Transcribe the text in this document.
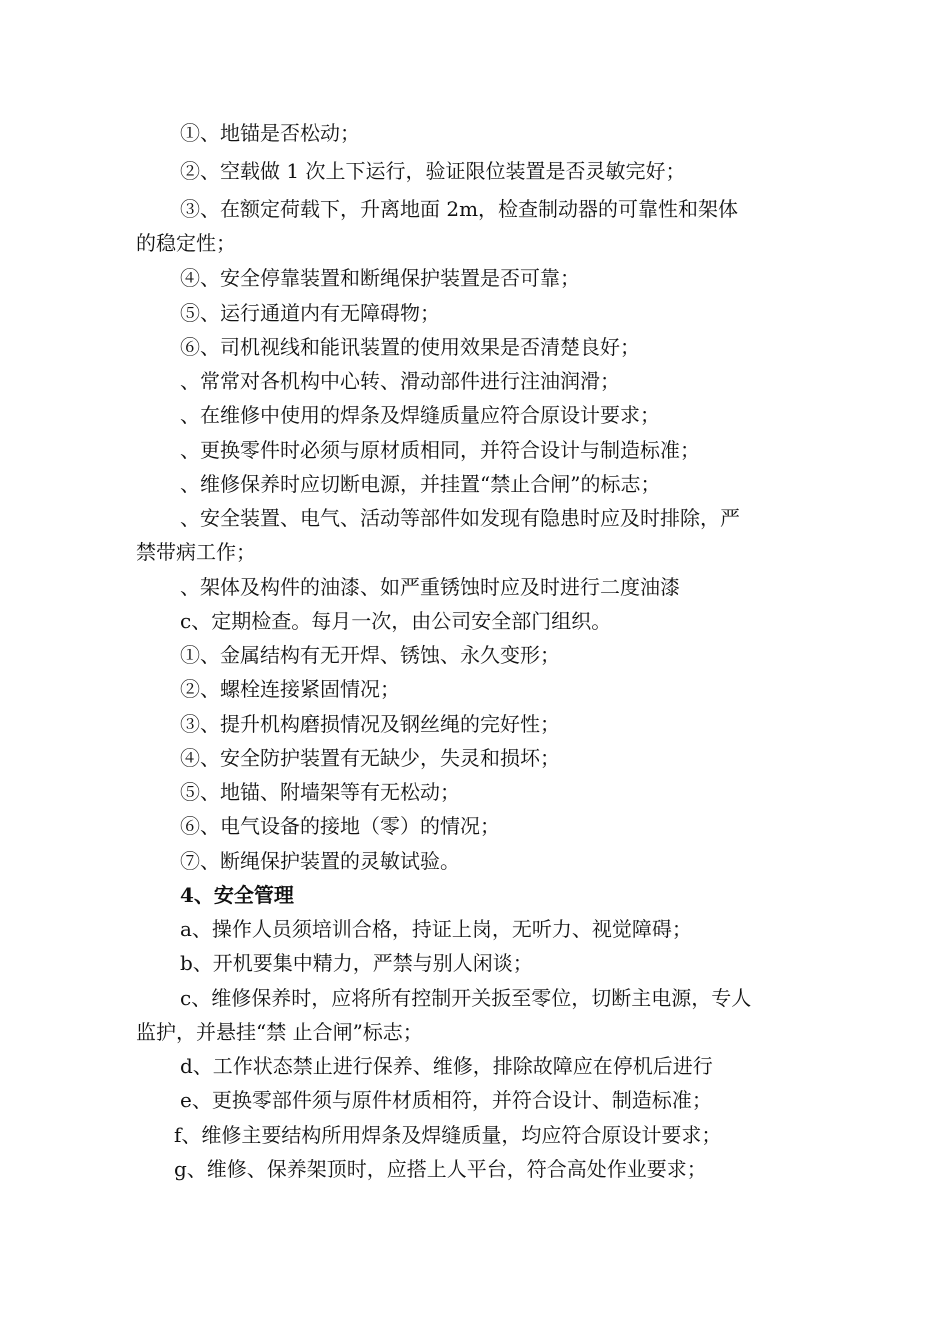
①、地锚是否松动；
②、空载做 1 次上下运行，验证限位装置是否灵敏完好；
③、在额定荷载下，升离地面 2m，检查制动器的可靠性和架体
的稳定性；
④、安全停靠装置和断绳保护装置是否可靠；
⑤、运行通道内有无障碍物；
⑥、司机视线和能讯装置的使用效果是否清楚良好；
、常常对各机构中心转、滑动部件进行注油润滑；
、在维修中使用的焊条及焊缝质量应符合原设计要求；
、更换零件时必须与原材质相同，并符合设计与制造标准；
、维修保养时应切断电源，并挂置“禁止合闸”的标志；
、安全装置、电气、活动等部件如发现有隐患时应及时排除，严
禁带病工作；
、架体及构件的油漆、如严重锈蚀时应及时进行二度油漆
c、定期检查。每月一次，由公司安全部门组织。
①、金属结构有无开焊、锈蚀、永久变形；
②、螺栓连接紧固情况；
③、提升机构磨损情况及钢丝绳的完好性；
④、安全防护装置有无缺少，失灵和损坏；
⑤、地锚、附墙架等有无松动；
⑥、电气设备的接地（零）的情况；
⑦、断绳保护装置的灵敏试验。
4、安全管理
a、操作人员须培训合格，持证上岗，无听力、视觉障碍；
b、开机要集中精力，严禁与别人闲谈；
c、维修保养时，应将所有控制开关扳至零位，切断主电源，专人
监护，并悬挂“禁 止合闸”标志；
d、工作状态禁止进行保养、维修，排除故障应在停机后进行
e、更换零部件须与原件材质相符，并符合设计、制造标准；
f、维修主要结构所用焊条及焊缝质量，均应符合原设计要求；
g、维修、保养架顶时，应搭上人平台，符合高处作业要求；
